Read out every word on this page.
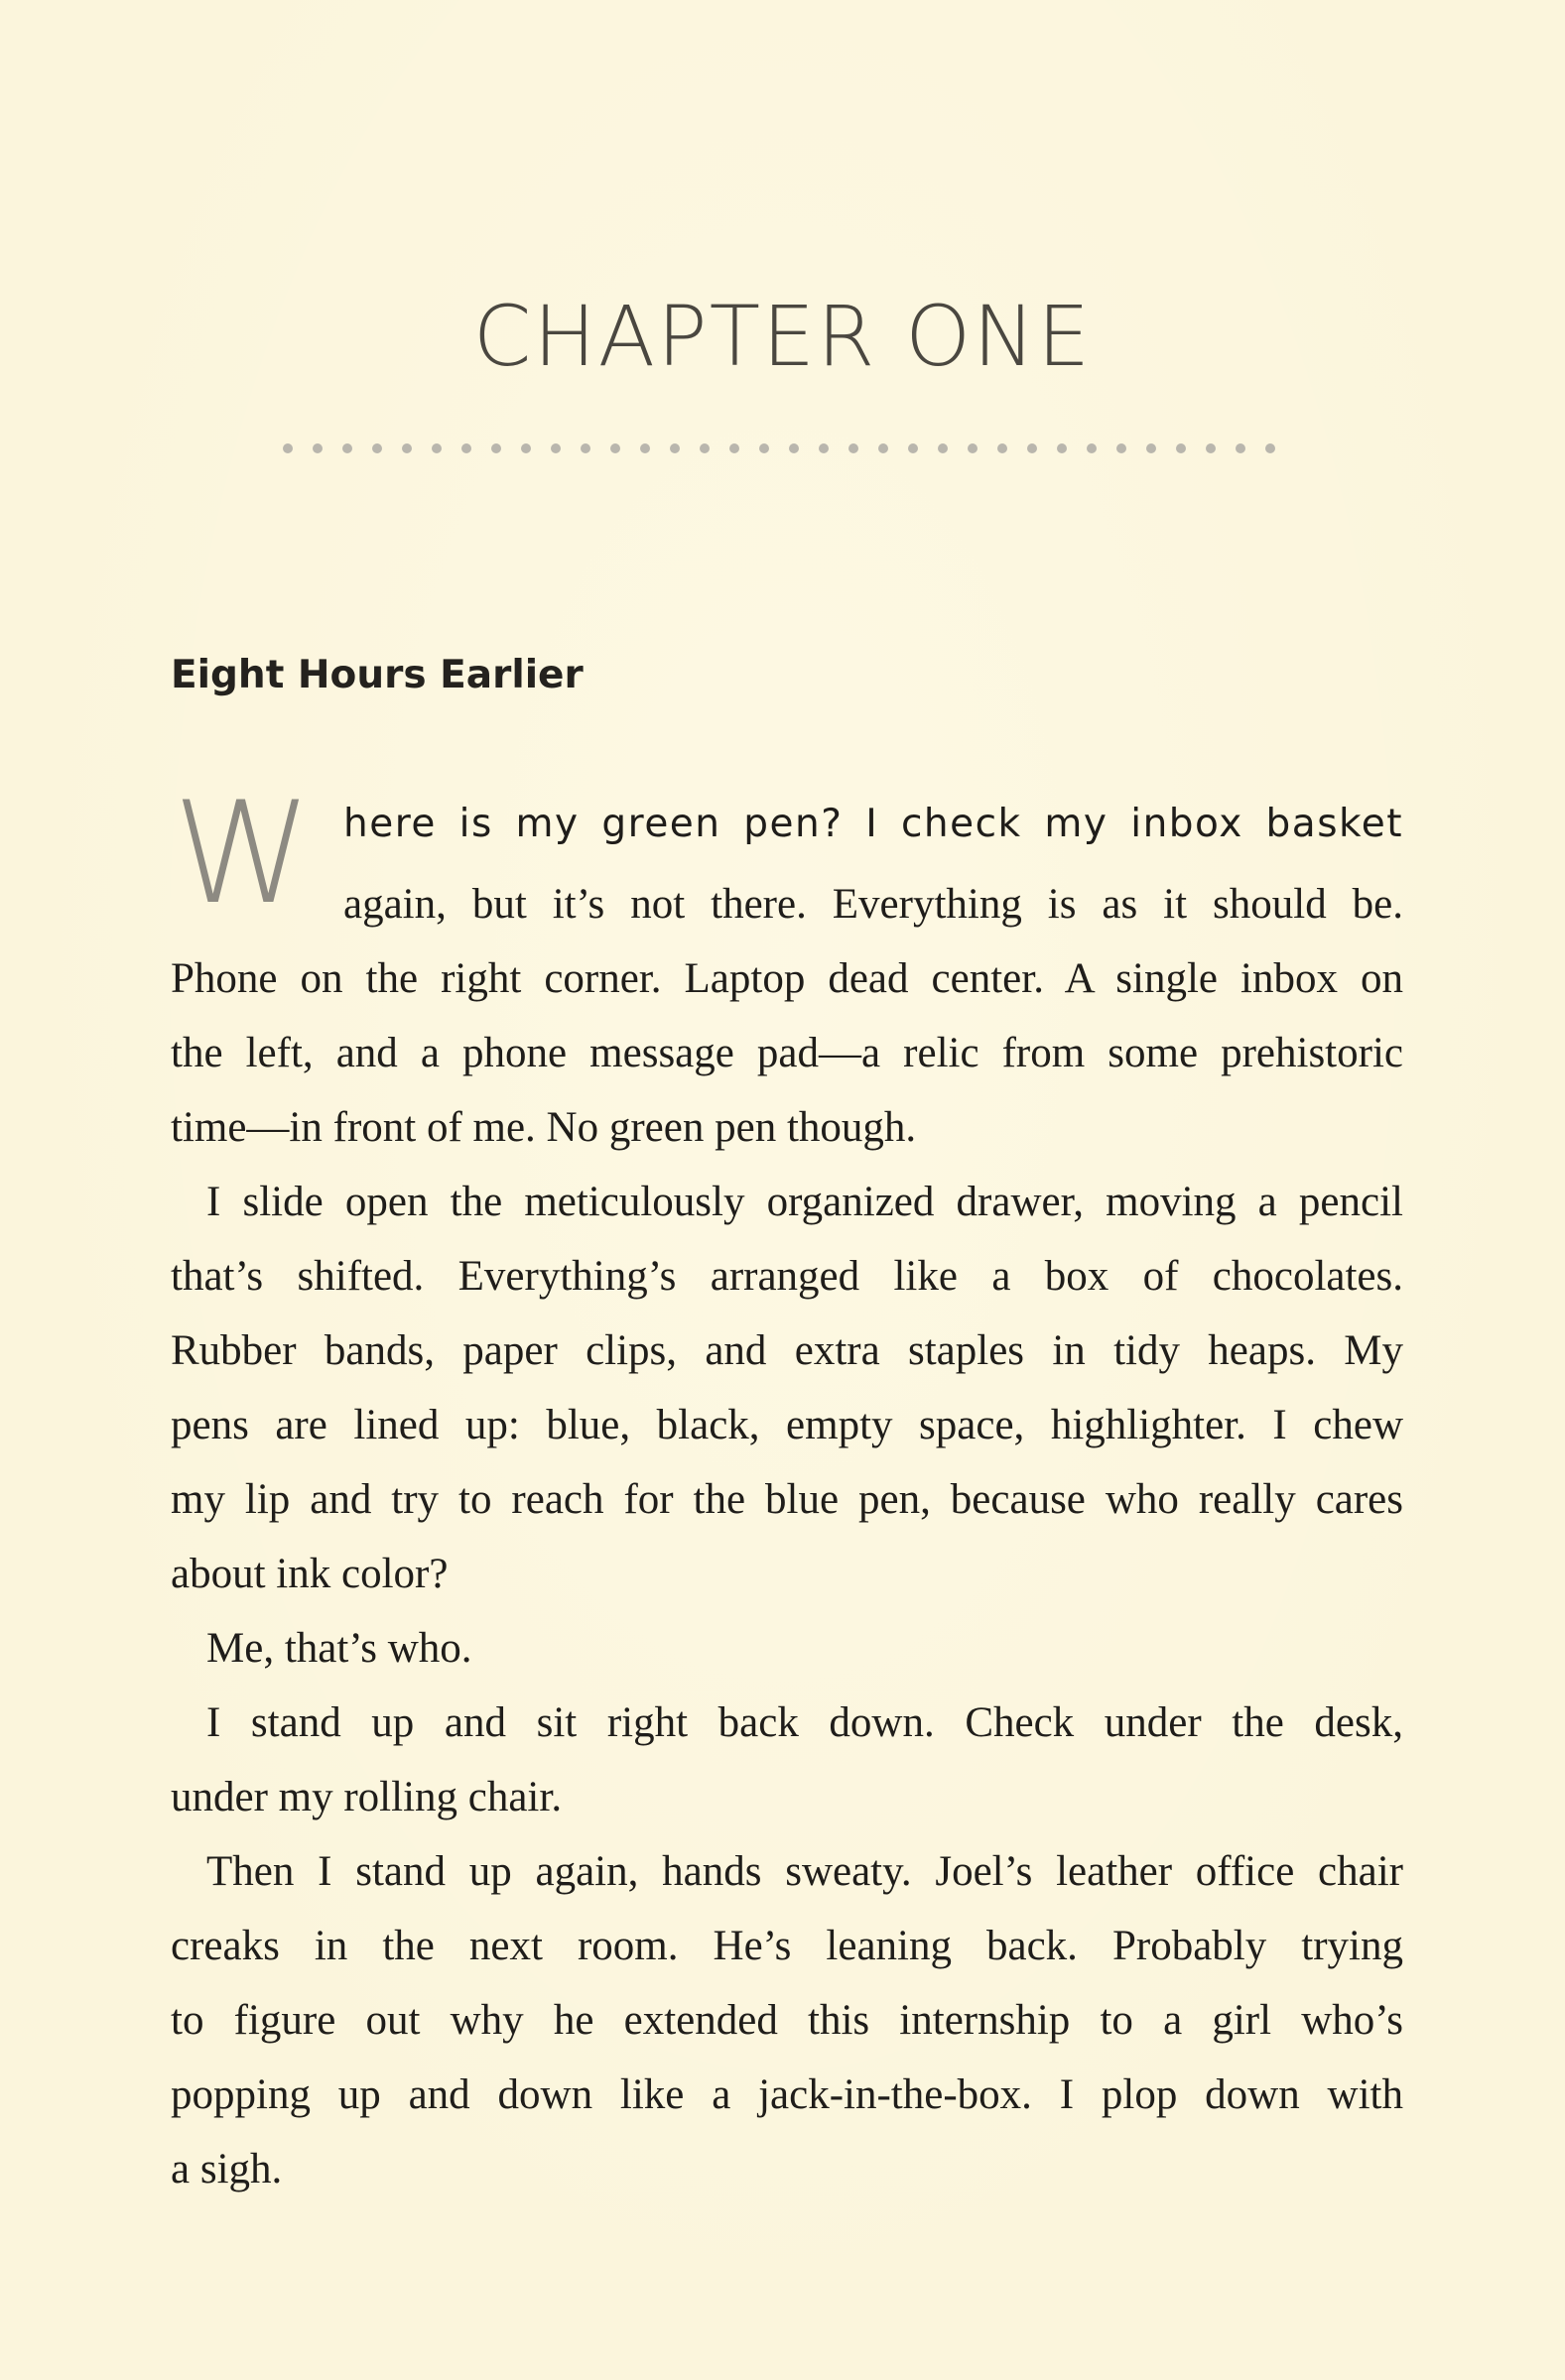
CHAPTER ONE
Eight Hours Earlier
W here is my green pen? I check my inbox basket
again, but it’s not there. Everything is as it should be.
Phone on the right corner. Laptop dead center. A single inbox on
the left, and a phone message pad—a relic from some prehistoric
time—in front of me. No green pen though.
I slide open the meticulously organized drawer, moving a pencil
that’s shifted. Everything’s arranged like a box of chocolates.
Rubber bands, paper clips, and extra staples in tidy heaps. My
pens are lined up: blue, black, empty space, highlighter. I chew
my lip and try to reach for the blue pen, because who really cares
about ink color?
Me, that’s who.
I stand up and sit right back down. Check under the desk,
under my rolling chair.
Then I stand up again, hands sweaty. Joel’s leather office chair
creaks in the next room. He’s leaning back. Probably trying
to figure out why he extended this internship to a girl who’s
popping up and down like a jack-in-the-box. I plop down with
a sigh.
